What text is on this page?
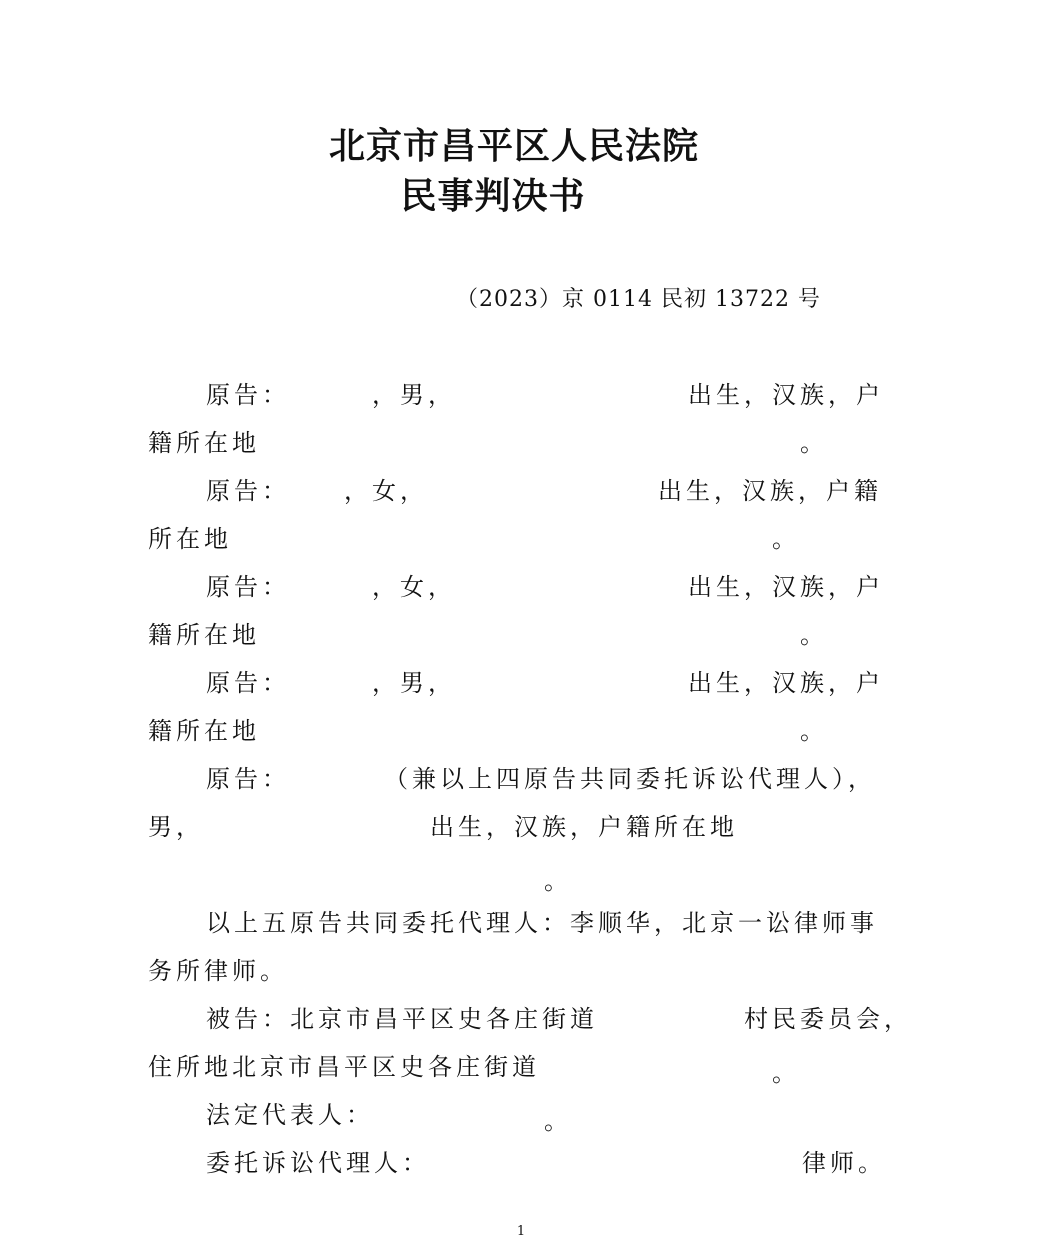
北京市昌平区人民法院
民事判决书
（2023）京 0114 民初 13722 号
原告：	，男，	出生，汉族，户
籍所在地	。
原告： ，女，	出生，汉族，户籍
所在地	。
原告：	，女，	出生，汉族，户
籍所在地	。
原告：	，男，	出生，汉族，户
籍所在地	。
原告：	（兼以上四原告共同委托诉讼代理人），
男，	出生，汉族，户籍所在地
。
以上五原告共同委托代理人：李顺华，北京一讼律师事
务所律师。
被告：北京市昌平区史各庄街道	村民委员会，
住所地北京市昌平区史各庄街道	。
法定代表人：	。
委托诉讼代理人：	律师。
1
